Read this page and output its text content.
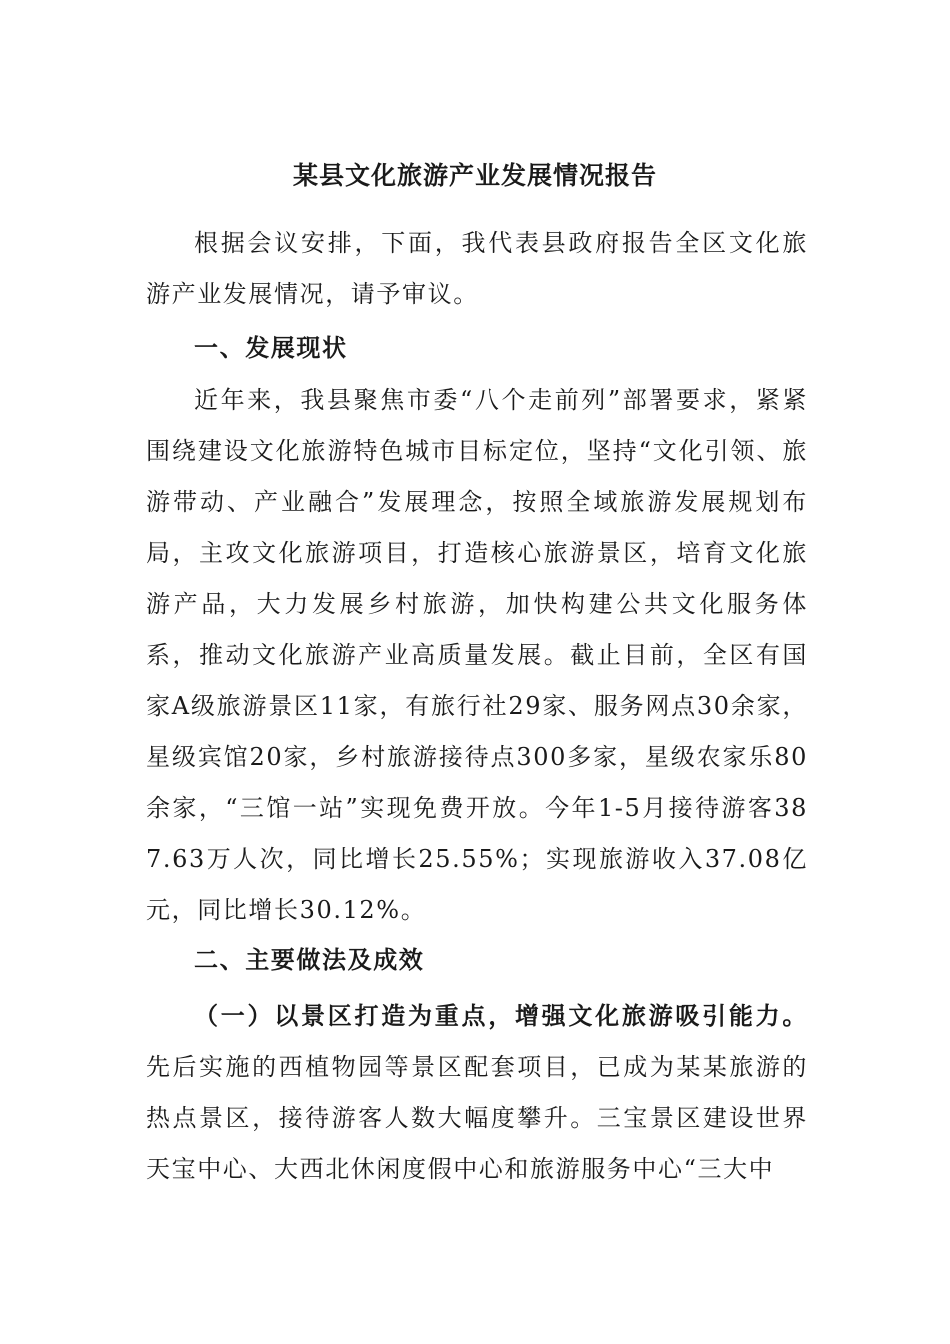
某县文化旅游产业发展情况报告
根据会议安排，下面，我代表县政府报告全区文化旅游产业发展情况，请予审议。
一、发展现状
近年来，我县聚焦市委“八个走前列”部署要求，紧紧围绕建设文化旅游特色城市目标定位，坚持“文化引领、旅游带动、产业融合”发展理念，按照全域旅游发展规划布局，主攻文化旅游项目，打造核心旅游景区，培育文化旅游产品，大力发展乡村旅游，加快构建公共文化服务体系，推动文化旅游产业高质量发展。截止目前，全区有国家A级旅游景区11家，有旅行社29家、服务网点30余家，星级宾馆20家，乡村旅游接待点300多家，星级农家乐80余家，“三馆一站”实现免费开放。今年1-5月接待游客387.63万人次，同比增长25.55%；实现旅游收入37.08亿元，同比增长30.12%。
二、主要做法及成效
（一）以景区打造为重点，增强文化旅游吸引能力。先后实施的西植物园等景区配套项目，已成为某某旅游的热点景区，接待游客人数大幅度攀升。三宝景区建设世界天宝中心、大西北休闲度假中心和旅游服务中心“三大中
